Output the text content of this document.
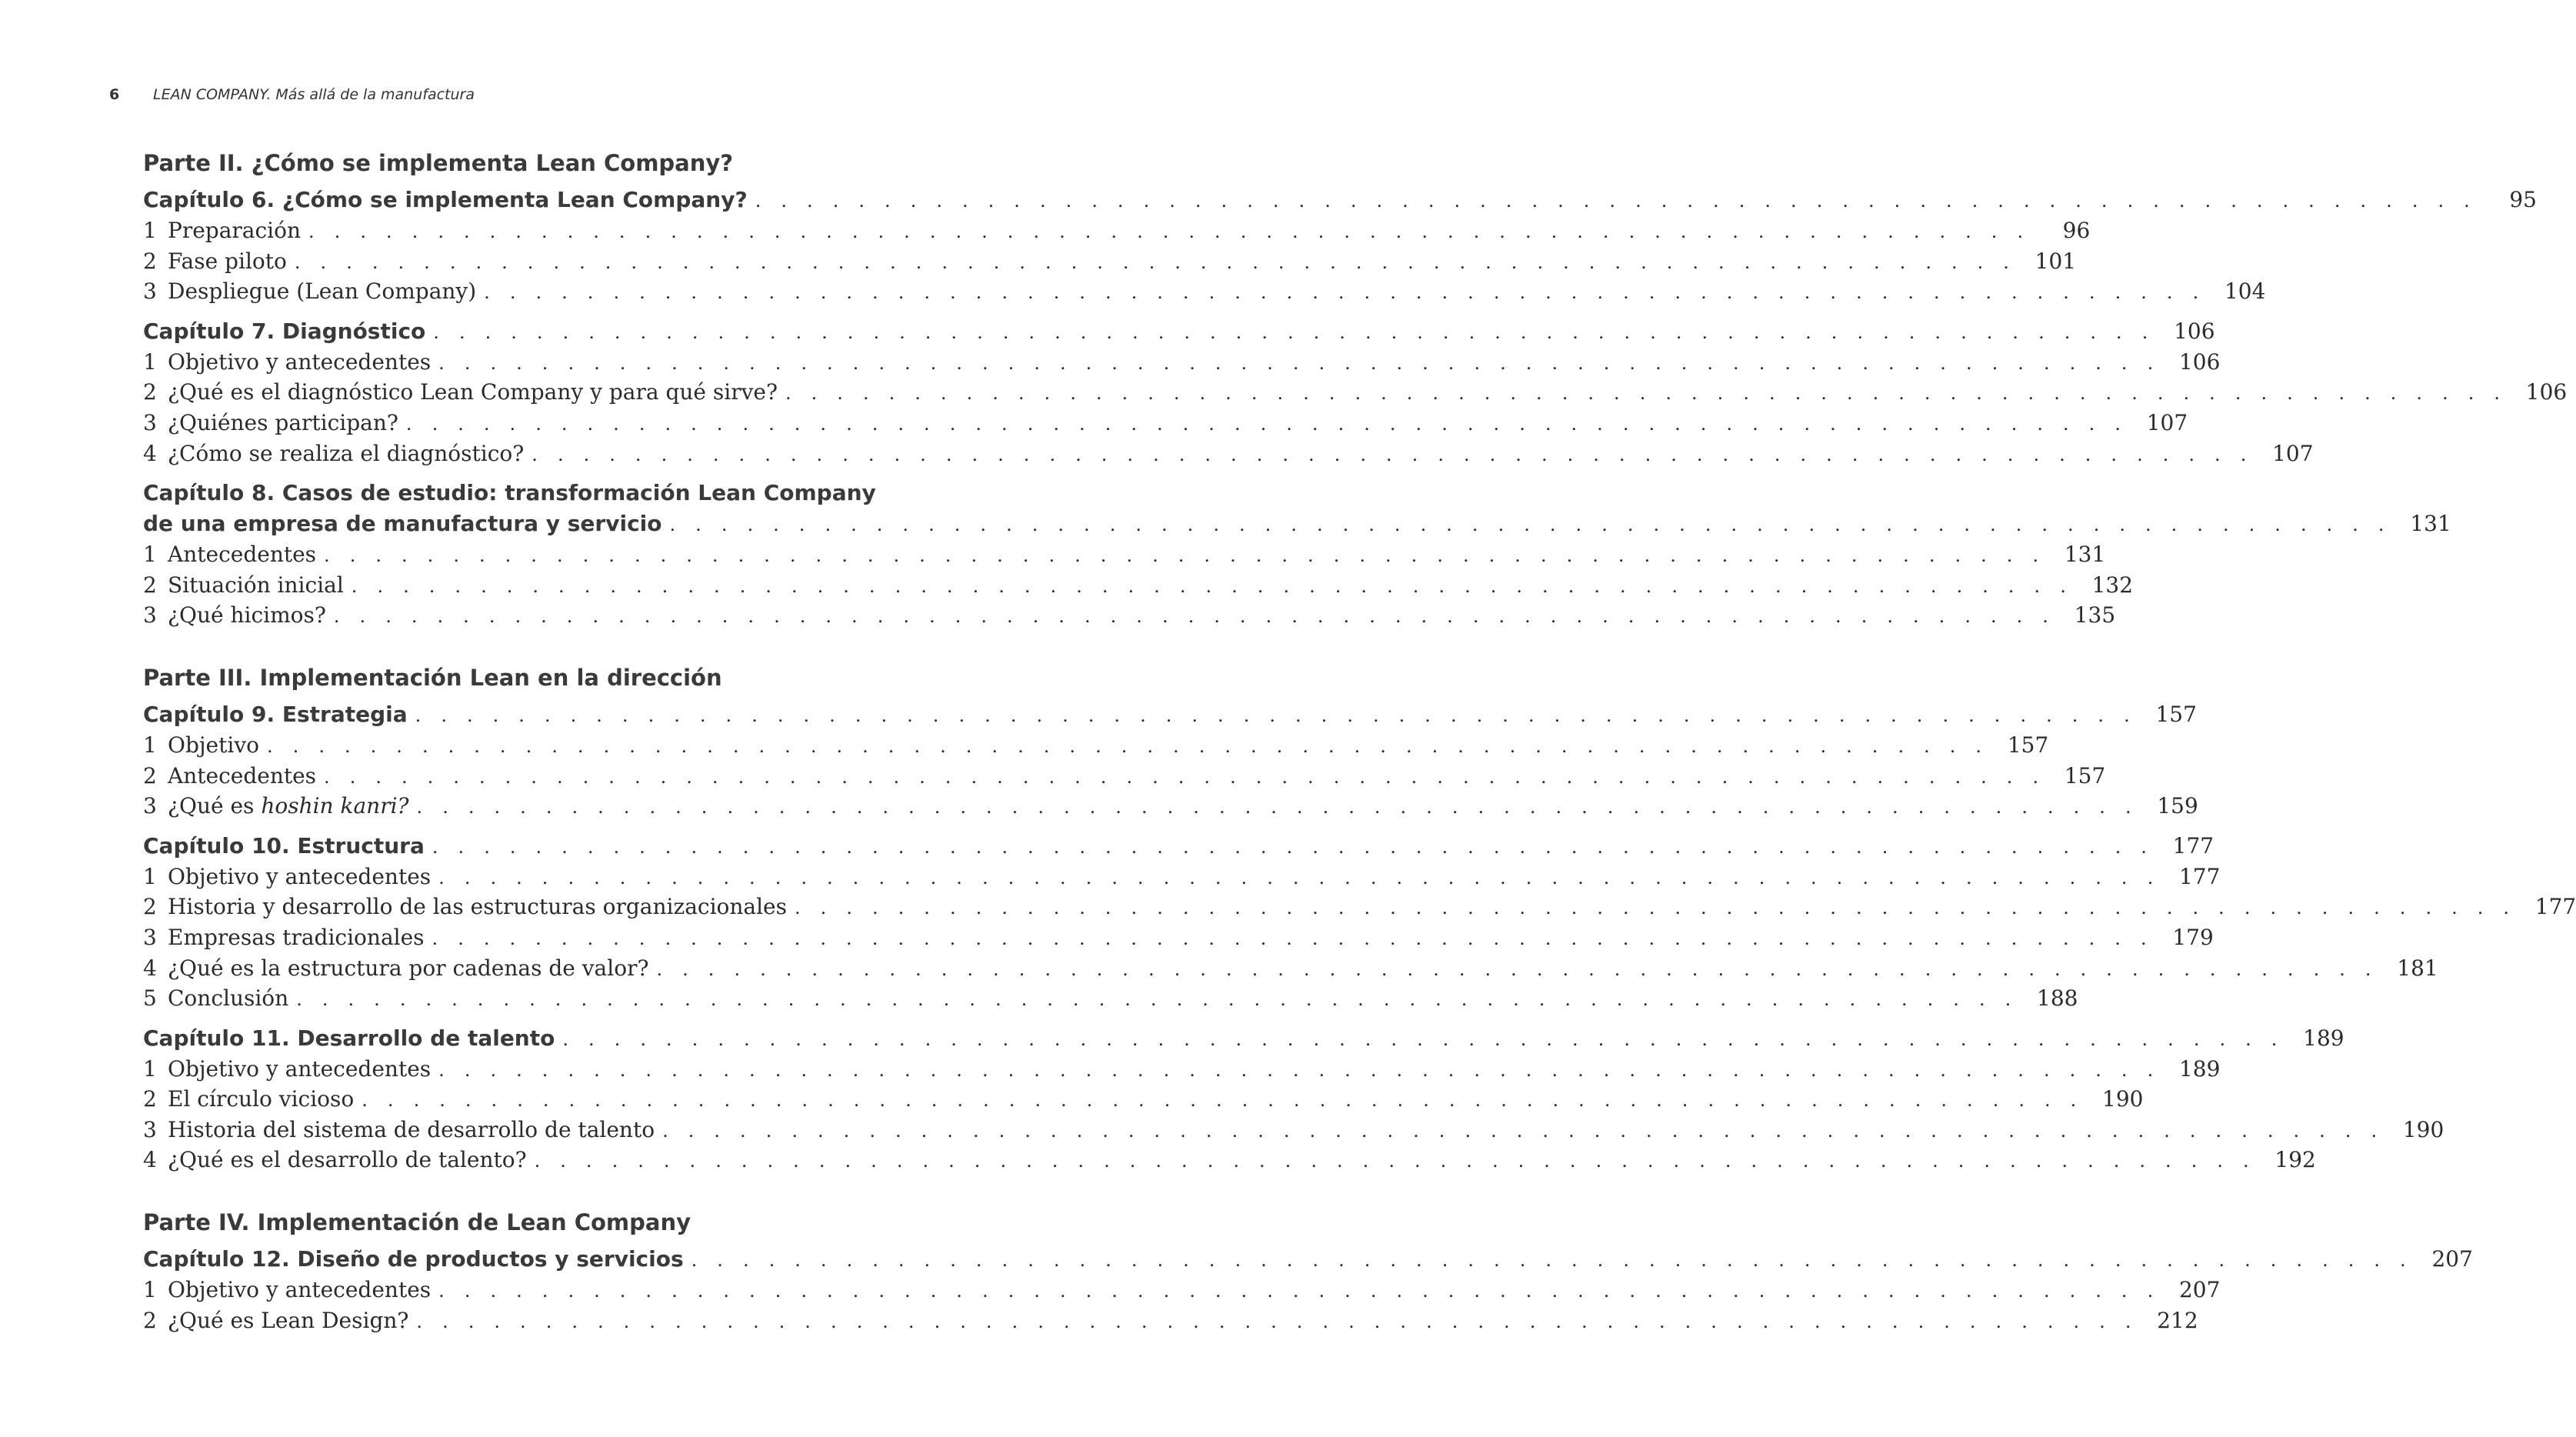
6 LEAN COMPANY. Más allá de la manufactura
Parte II. ¿Cómo se implementa Lean Company?
Capítulo 6. ¿Cómo se implementa Lean Company? . . . . . . . . . . . . . . . . . . . . . . . . . . . . . . . . . . . . . . . . . . . . . . . . . . . . . . . . . . . . . . . . . . .	95
1 Preparación . . . . . . . . . . . . . . . . . . . . . . . . . . . . . . . . . . . . . . . . . . . . . . . . . . . . . . . . . . . . . . . . . . .	96
2 Fase piloto . . . . . . . . . . . . . . . . . . . . . . . . . . . . . . . . . . . . . . . . . . . . . . . . . . . . . . . . . . . . . . . . . . . 101
3 Despliegue (Lean Company) . . . . . . . . . . . . . . . . . . . . . . . . . . . . . . . . . . . . . . . . . . . . . . . . . . . . . . . . . . . . . . . . . . . 104
Capítulo 7. Diagnóstico . . . . . . . . . . . . . . . . . . . . . . . . . . . . . . . . . . . . . . . . . . . . . . . . . . . . . . . . . . . . . . . . . . . 106
1 Objetivo y antecedentes . . . . . . . . . . . . . . . . . . . . . . . . . . . . . . . . . . . . . . . . . . . . . . . . . . . . . . . . . . . . . . . . . . . 106
2 ¿Qué es el diagnóstico Lean Company y para qué sirve? . . . . . . . . . . . . . . . . . . . . . . . . . . . . . . . . . . . . . . . . . . . . . . . . . . . . . . . . . . . . . . . . . . . 106
3 ¿Quiénes participan? . . . . . . . . . . . . . . . . . . . . . . . . . . . . . . . . . . . . . . . . . . . . . . . . . . . . . . . . . . . . . . . . . . . 107
4 ¿Cómo se realiza el diagnóstico? . . . . . . . . . . . . . . . . . . . . . . . . . . . . . . . . . . . . . . . . . . . . . . . . . . . . . . . . . . . . . . . . . . . 107
Capítulo 8. Casos de estudio: transformación Lean Company
de una empresa de manufactura y servicio . . . . . . . . . . . . . . . . . . . . . . . . . . . . . . . . . . . . . . . . . . . . . . . . . . . . . . . . . . . . . . . . . . . 131
1 Antecedentes . . . . . . . . . . . . . . . . . . . . . . . . . . . . . . . . . . . . . . . . . . . . . . . . . . . . . . . . . . . . . . . . . . . 131
2 Situación inicial . . . . . . . . . . . . . . . . . . . . . . . . . . . . . . . . . . . . . . . . . . . . . . . . . . . . . . . . . . . . . . . . . . . 132
3 ¿Qué hicimos? . . . . . . . . . . . . . . . . . . . . . . . . . . . . . . . . . . . . . . . . . . . . . . . . . . . . . . . . . . . . . . . . . . . 135
Parte III. Implementación Lean en la dirección
Capítulo 9. Estrategia . . . . . . . . . . . . . . . . . . . . . . . . . . . . . . . . . . . . . . . . . . . . . . . . . . . . . . . . . . . . . . . . . . . 157
1 Objetivo . . . . . . . . . . . . . . . . . . . . . . . . . . . . . . . . . . . . . . . . . . . . . . . . . . . . . . . . . . . . . . . . . . . 157
2 Antecedentes . . . . . . . . . . . . . . . . . . . . . . . . . . . . . . . . . . . . . . . . . . . . . . . . . . . . . . . . . . . . . . . . . . . 157
3 ¿Qué es hoshin kanri? . . . . . . . . . . . . . . . . . . . . . . . . . . . . . . . . . . . . . . . . . . . . . . . . . . . . . . . . . . . . . . . . . . . 159
Capítulo 10. Estructura . . . . . . . . . . . . . . . . . . . . . . . . . . . . . . . . . . . . . . . . . . . . . . . . . . . . . . . . . . . . . . . . . . . 177
1 Objetivo y antecedentes . . . . . . . . . . . . . . . . . . . . . . . . . . . . . . . . . . . . . . . . . . . . . . . . . . . . . . . . . . . . . . . . . . . 177
2 Historia y desarrollo de las estructuras organizacionales . . . . . . . . . . . . . . . . . . . . . . . . . . . . . . . . . . . . . . . . . . . . . . . . . . . . . . . . . . . . . . . . . . . 177
3 Empresas tradicionales . . . . . . . . . . . . . . . . . . . . . . . . . . . . . . . . . . . . . . . . . . . . . . . . . . . . . . . . . . . . . . . . . . . 179
4 ¿Qué es la estructura por cadenas de valor? . . . . . . . . . . . . . . . . . . . . . . . . . . . . . . . . . . . . . . . . . . . . . . . . . . . . . . . . . . . . . . . . . . . 181
5 Conclusión . . . . . . . . . . . . . . . . . . . . . . . . . . . . . . . . . . . . . . . . . . . . . . . . . . . . . . . . . . . . . . . . . . . 188
Capítulo 11. Desarrollo de talento . . . . . . . . . . . . . . . . . . . . . . . . . . . . . . . . . . . . . . . . . . . . . . . . . . . . . . . . . . . . . . . . . . . 189
1 Objetivo y antecedentes . . . . . . . . . . . . . . . . . . . . . . . . . . . . . . . . . . . . . . . . . . . . . . . . . . . . . . . . . . . . . . . . . . . 189
2 El círculo vicioso . . . . . . . . . . . . . . . . . . . . . . . . . . . . . . . . . . . . . . . . . . . . . . . . . . . . . . . . . . . . . . . . . . . 190
3 Historia del sistema de desarrollo de talento . . . . . . . . . . . . . . . . . . . . . . . . . . . . . . . . . . . . . . . . . . . . . . . . . . . . . . . . . . . . . . . . . . . 190
4 ¿Qué es el desarrollo de talento? . . . . . . . . . . . . . . . . . . . . . . . . . . . . . . . . . . . . . . . . . . . . . . . . . . . . . . . . . . . . . . . . . . . 192
Parte IV. Implementación de Lean Company
Capítulo 12. Diseño de productos y servicios . . . . . . . . . . . . . . . . . . . . . . . . . . . . . . . . . . . . . . . . . . . . . . . . . . . . . . . . . . . . . . . . . . . 207
1 Objetivo y antecedentes . . . . . . . . . . . . . . . . . . . . . . . . . . . . . . . . . . . . . . . . . . . . . . . . . . . . . . . . . . . . . . . . . . . 207
2 ¿Qué es Lean Design? . . . . . . . . . . . . . . . . . . . . . . . . . . . . . . . . . . . . . . . . . . . . . . . . . . . . . . . . . . . . . . . . . . . 212
